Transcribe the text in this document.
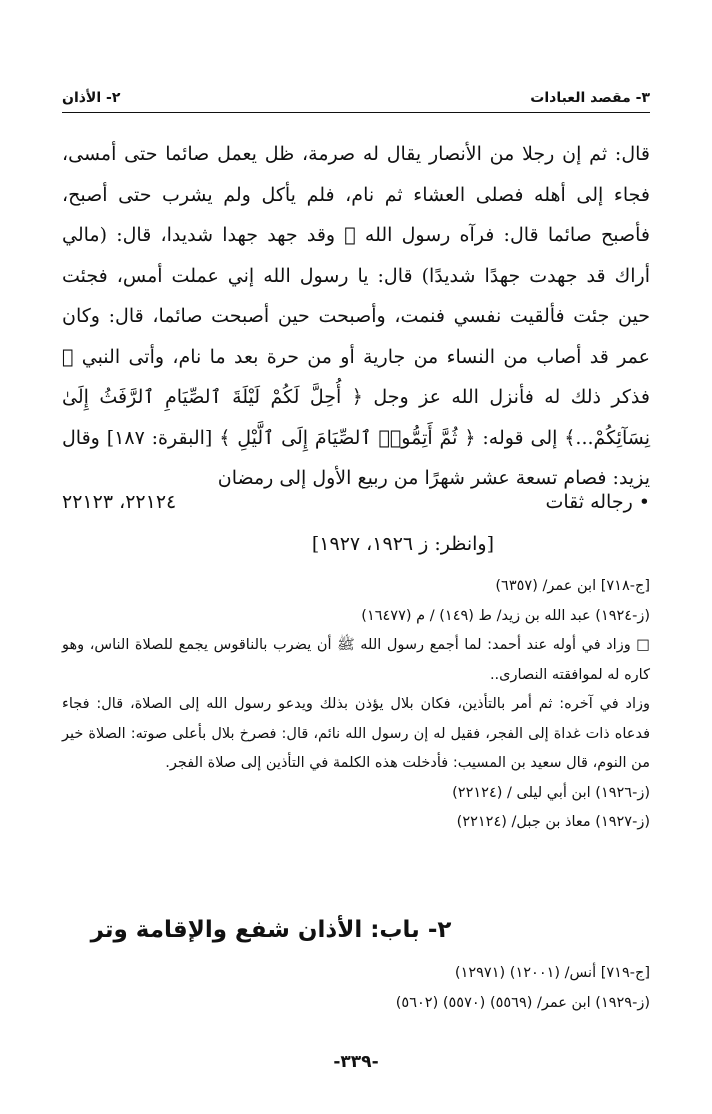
٣- مقصد العبادات
٢- الأذان

قال: ثم إن رجلا من الأنصار يقال له صرمة، ظل يعمل صائما حتى أمسى، فجاء إلى أهله فصلى العشاء ثم نام، فلم يأكل ولم يشرب حتى أصبح، فأصبح صائما قال: فرآه رسول الله ﷺ وقد جهد جهدا شديدا، قال: (مالي أراك قد جهدت جهدًا شديدًا) قال: يا رسول الله إني عملت أمس، فجئت حين جئت فألقيت نفسي فنمت، وأصبحت حين أصبحت صائما، قال: وكان عمر قد أصاب من النساء من جارية أو من حرة بعد ما نام، وأتى النبي ﷺ فذكر ذلك له فأنزل الله عز وجل ﴿ أُحِلَّ لَكُمْ لَيْلَةَ ٱلصِّيَامِ ٱلرَّفَثُ إِلَىٰ نِسَآئِكُمْ...﴾ إلى قوله: ﴿ ثُمَّ أَتِمُّوا۟ ٱلصِّيَامَ إِلَى ٱلَّيْلِ ﴾ [البقرة: ١٨٧] وقال يزيد: فصام تسعة عشر شهرًا من ربيع الأول إلى رمضان

• رجاله ثقات
٢٢١٢٤، ٢٢١٢٣
[وانظر: ز ١٩٢٦، ١٩٢٧]

[ج-٧١٨] ابن عمر/ (٦٣٥٧)

(ز-١٩٢٤) عبد الله بن زيد/ ط (١٤٩) / م (١٦٤٧٧)

□ وزاد في أوله عند أحمد: لما أجمع رسول الله ﷺ أن يضرب بالناقوس يجمع للصلاة الناس، وهو كاره له لموافقته النصارى..

وزاد في آخره: ثم أمر بالتأذين، فكان بلال يؤذن بذلك ويدعو رسول الله إلى الصلاة، قال: فجاء فدعاه ذات غداة إلى الفجر، فقيل له إن رسول الله نائم، قال: فصرخ بلال بأعلى صوته: الصلاة خير من النوم، قال سعيد بن المسيب: فأدخلت هذه الكلمة في التأذين إلى صلاة الفجر.

(ز-١٩٢٦) ابن أبي ليلى / (٢٢١٢٤)

(ز-١٩٢٧) معاذ بن جبل/ (٢٢١٢٤)

٢- باب: الأذان شفع والإقامة وتر

[ج-٧١٩] أنس/ (١٢٠٠١) (١٢٩٧١)

(ز-١٩٢٩) ابن عمر/ (٥٥٦٩) (٥٥٧٠) (٥٦٠٢)

-٣٣٩-
